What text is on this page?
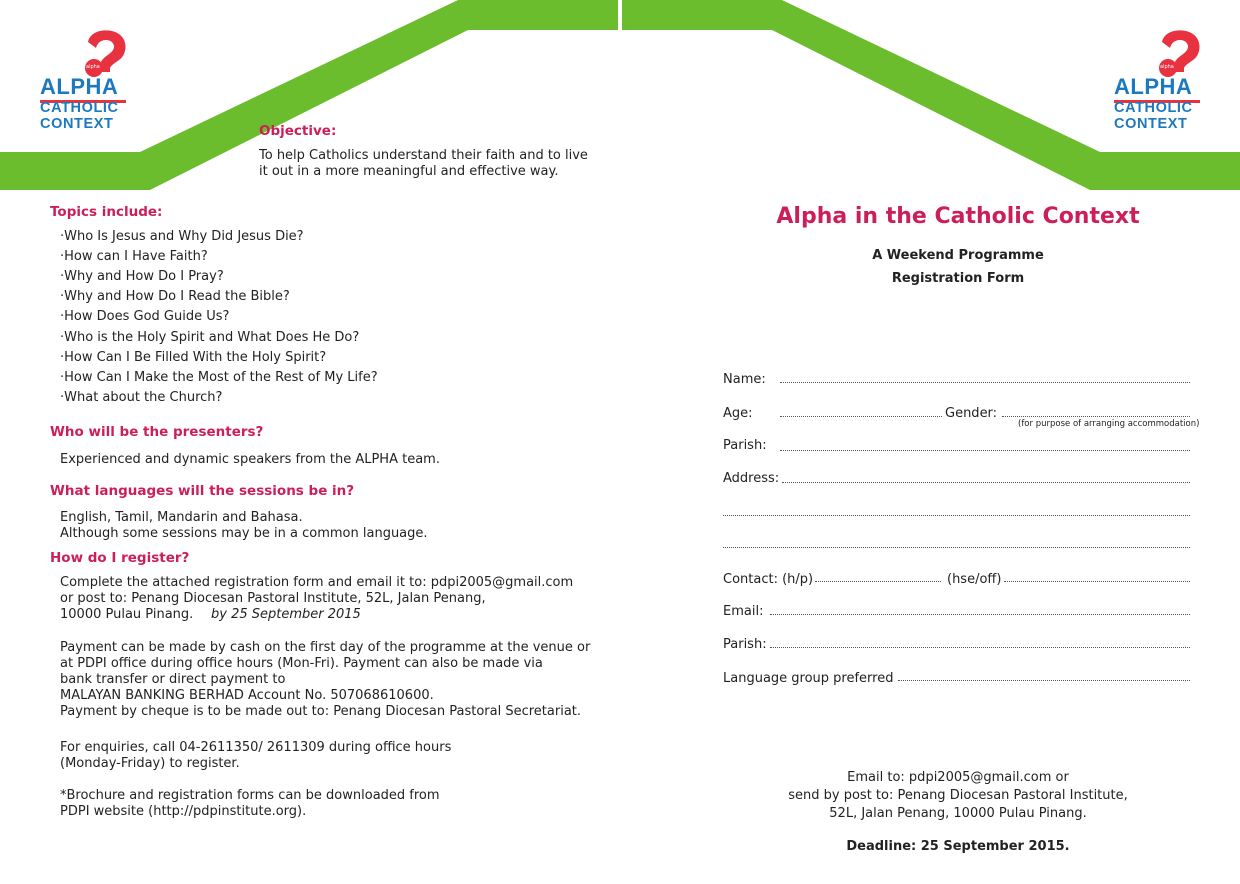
alpha
ALPHA
CATHOLIC
CONTEXT
alpha
ALPHA
CATHOLIC
CONTEXT
Objective:
To help Catholics understand their faith and to live
it out in a more meaningful and effective way.
Topics include:
·Who Is Jesus and Why Did Jesus Die?
·How can I Have Faith?
·Why and How Do I Pray?
·Why and How Do I Read the Bible?
·How Does God Guide Us?
·Who is the Holy Spirit and What Does He Do?
·How Can I Be Filled With the Holy Spirit?
·How Can I Make the Most of the Rest of My Life?
·What about the Church?
Who will be the presenters?
Experienced and dynamic speakers from the ALPHA team.
What languages will the sessions be in?
English, Tamil, Mandarin and Bahasa.
Although some sessions may be in a common language.
How do I register?
Complete the attached registration form and email it to: pdpi2005@gmail.com
or post to: Penang Diocesan Pastoral Institute, 52L, Jalan Penang,
10000 Pulau Pinang. by 25 September 2015
Payment can be made by cash on the first day of the programme at the venue or
at PDPI office during office hours (Mon-Fri). Payment can also be made via
bank transfer or direct payment to
MALAYAN BANKING BERHAD Account No. 507068610600.
Payment by cheque is to be made out to: Penang Diocesan Pastoral Secretariat.
For enquiries, call 04-2611350/ 2611309 during office hours
(Monday-Friday) to register.
*Brochure and registration forms can be downloaded from
PDPI website (http://pdpinstitute.org).
Alpha in the Catholic Context
A Weekend Programme
Registration Form
Name:
Age:	Gender:
(for purpose of arranging accommodation)
Parish:
Address:
Contact: (h/p)	(hse/off)
Email:
Parish:
Language group preferred
Email to: pdpi2005@gmail.com or
send by post to: Penang Diocesan Pastoral Institute,
52L, Jalan Penang, 10000 Pulau Pinang.
Deadline: 25 September 2015.
